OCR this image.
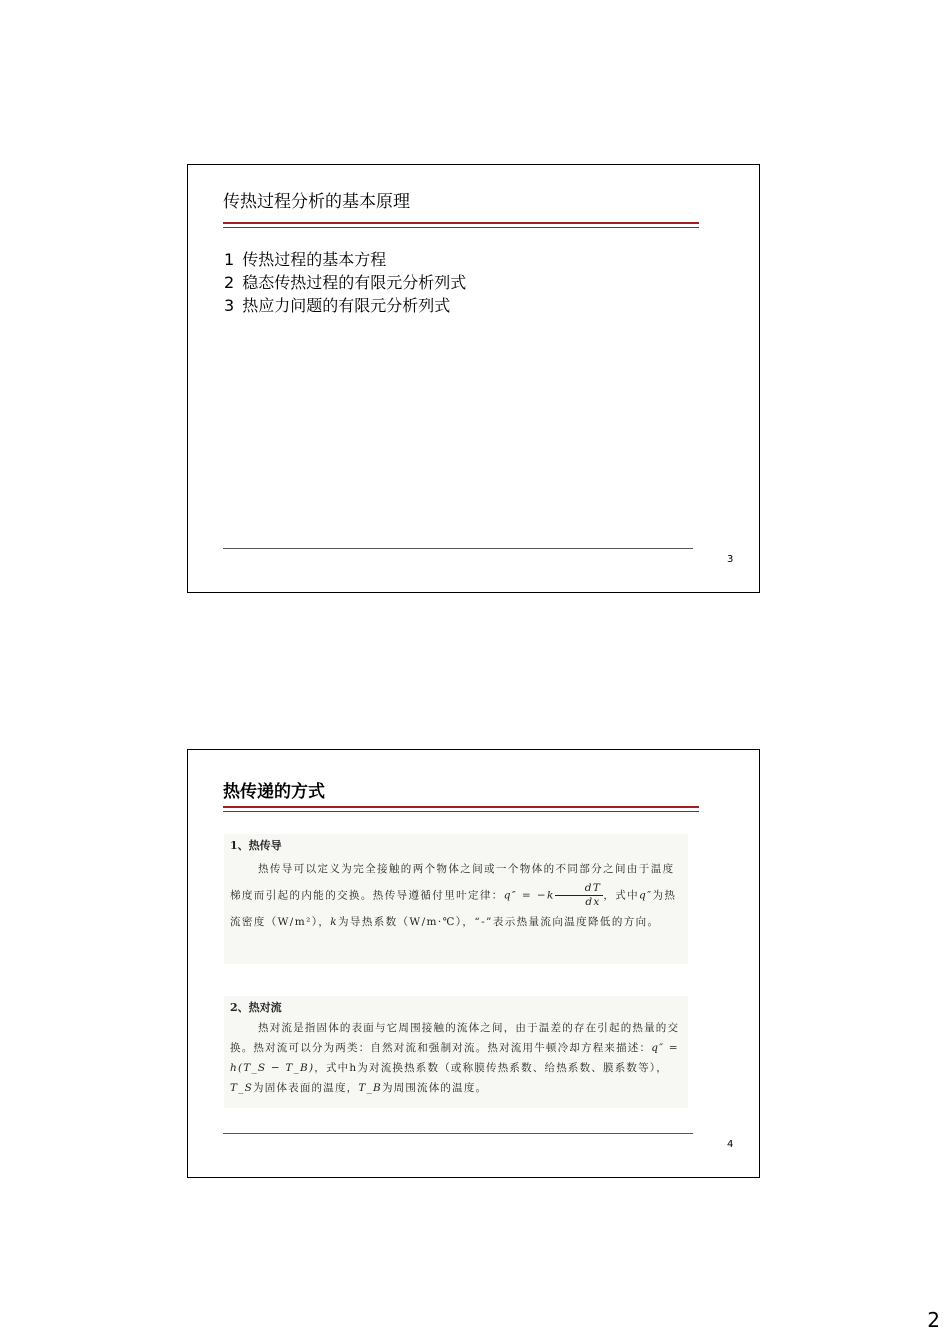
传热过程分析的基本原理
1 传热过程的基本方程
2 稳态传热过程的有限元分析列式
3 热应力问题的有限元分析列式
3
热传递的方式
1、热传导
热传导可以定义为完全接触的两个物体之间或一个物体的不同部分之间由于温度梯度而引起的内能的交换。热传导遵循付里叶定律：$q'' = -k \frac{dT}{dx}$ ，式中q″为热流密度（W/m²），k为导热系数（W/m·℃），“-”表示热量流向温度降低的方向。
2、热对流
热对流是指固体的表面与它周围接触的流体之间，由于温差的存在引起的热量的交换。热对流可以分为两类：自然对流和强制对流。热对流用牛顿冷却方程来描述：q″ = h(T_S − T_B)，式中h为对流换热系数（或称膜传热系数、给热系数、膜系数等），T_S为固体表面的温度，T_B为周围流体的温度。
4
2
